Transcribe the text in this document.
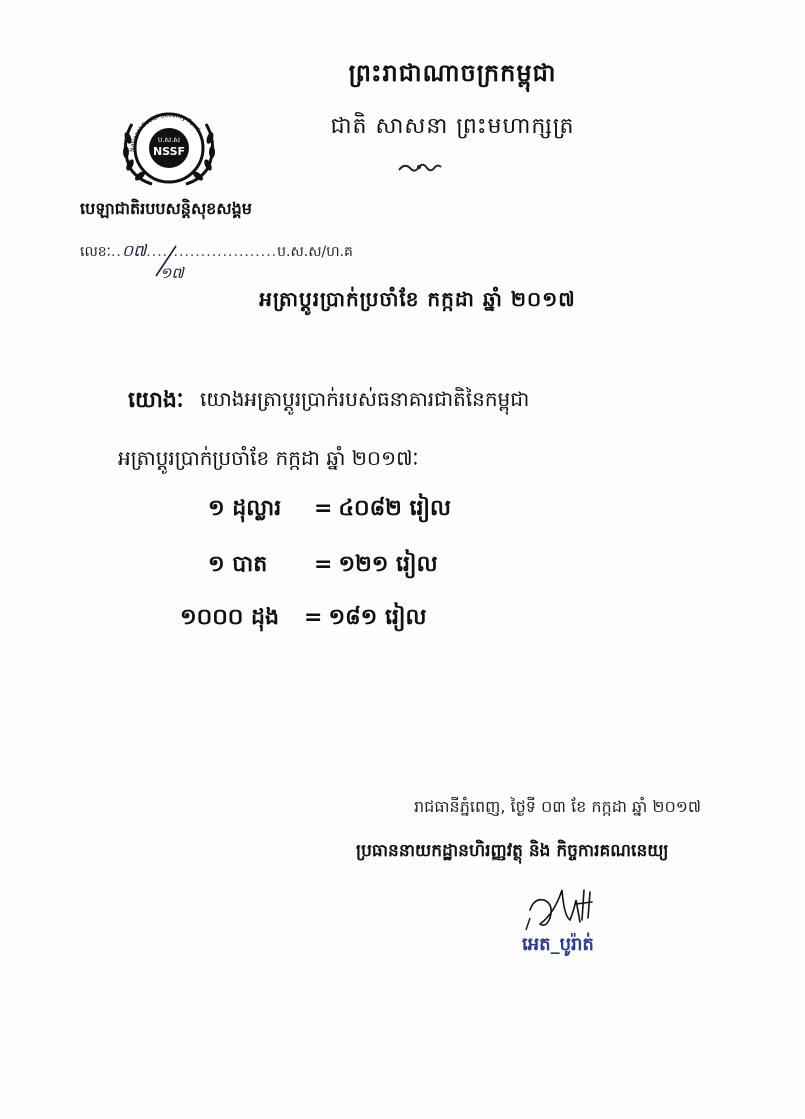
ព្រះរាជាណាចក្រកម្ពុជា
ជាតិ សាសនា ព្រះមហាក្សត្រ
National Social Security Fund
ប.ស.ស
NSSF
បេឡាជាតិរបបសន្តិសុខសង្គម
លេខៈ..០៧........................ប.ស.ស/ហ.គ
១៧
អត្រាប្តូរប្រាក់ប្រចាំខែ កក្កដា ឆ្នាំ ២០១៧
យោងៈ យោងអត្រាប្តូរប្រាក់របស់ធនាគារជាតិនៃកម្ពុជា
អត្រាប្តូរប្រាក់ប្រចាំខែ កក្កដា ឆ្នាំ ២០១៧ៈ
១ ដុល្លារ = ៤០៨២ រៀល
១ បាត = ១២១ រៀល
១០០០ ដុង = ១៨១ រៀល
រាជធានីភ្នំពេញ, ថ្ងៃទី ០៣ ខែ កក្កដា ឆ្នាំ ២០១៧
ប្រធាននាយកដ្ឋានហិរញ្ញវត្ថុ និង កិច្ចការគណនេយ្យ
អេត_បូរ៉ាត់
